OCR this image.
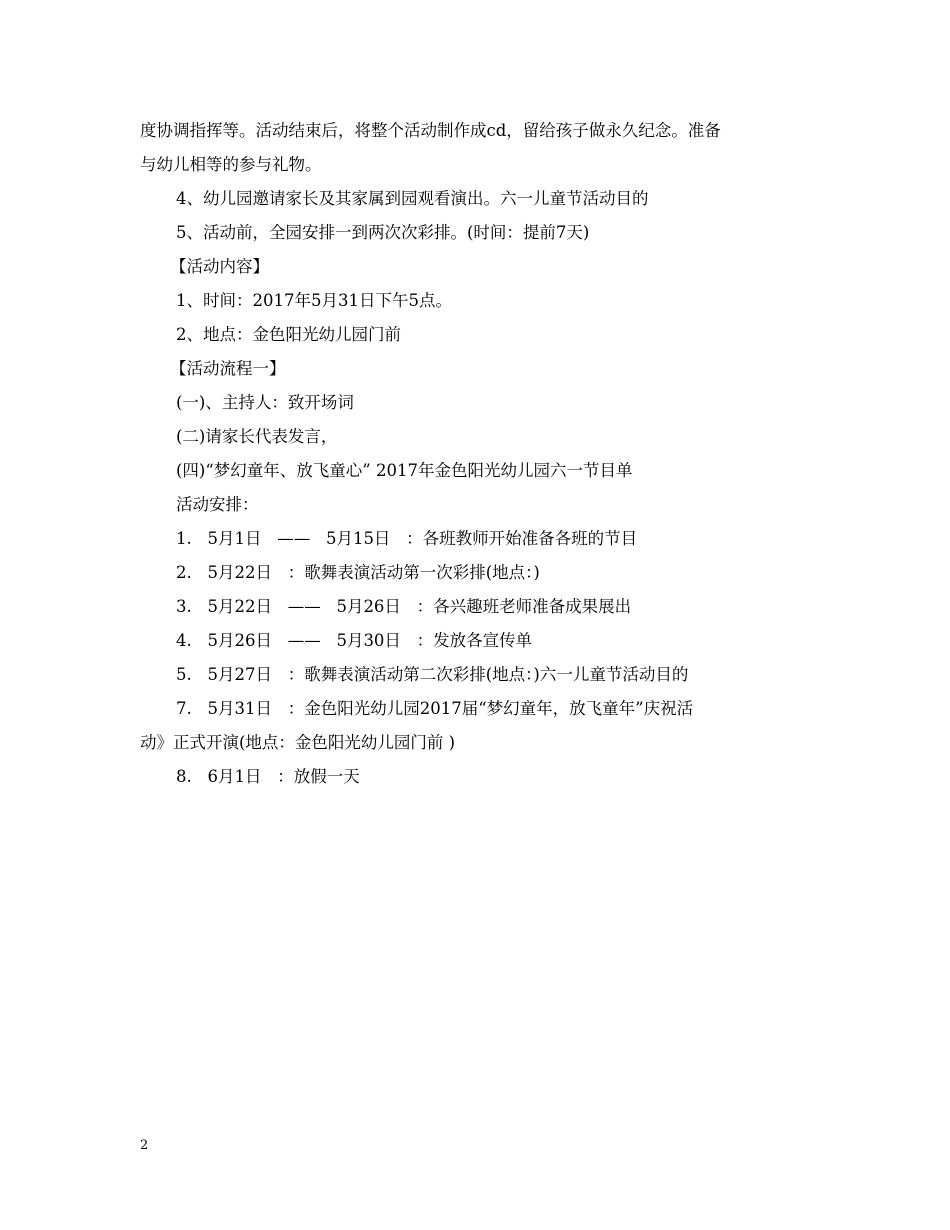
度协调指挥等。活动结束后，将整个活动制作成cd，留给孩子做永久纪念。准备
与幼儿相等的参与礼物。
4、幼儿园邀请家长及其家属到园观看演出。六一儿童节活动目的
5、活动前，全园安排一到两次次彩排。(时间：提前7天)
【活动内容】
1、时间：2017年5月31日下午5点。
2、地点：金色阳光幼儿园门前
【活动流程一】
(一)、主持人：致开场词
(二)请家长代表发言，
(四)“梦幻童年、放飞童心” 2017年金色阳光幼儿园六一节目单
活动安排：
1.   5月1日   ——   5月15日   ：各班教师开始准备各班的节目
2.   5月22日   ：歌舞表演活动第一次彩排(地点：)
3.   5月22日   ——   5月26日   ：各兴趣班老师准备成果展出
4.   5月26日   ——   5月30日   ：发放各宣传单
5.   5月27日   ：歌舞表演活动第二次彩排(地点：)六一儿童节活动目的
7.   5月31日   ：金色阳光幼儿园2017届“梦幻童年，放飞童年”庆祝活
动》正式开演(地点：金色阳光幼儿园门前 )
8.   6月1日   ：放假一天
2
